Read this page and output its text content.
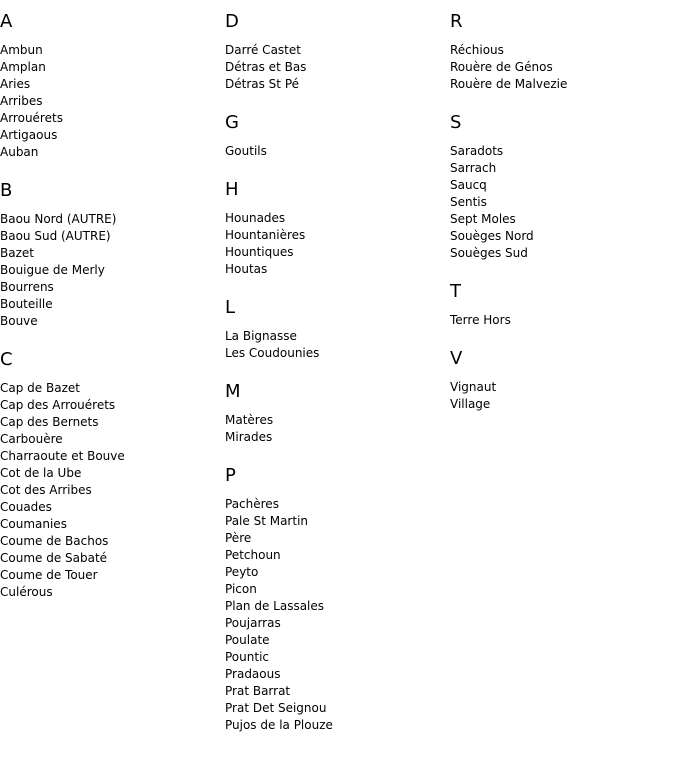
A
Ambun
Amplan
Aries
Arribes
Arrouérets
Artigaous
Auban
B
Baou Nord (AUTRE)
Baou Sud (AUTRE)
Bazet
Bouigue de Merly
Bourrens
Bouteille
Bouve
C
Cap de Bazet
Cap des Arrouérets
Cap des Bernets
Carbouère
Charraoute et Bouve
Cot de la Ube
Cot des Arribes
Couades
Coumanies
Coume de Bachos
Coume de Sabaté
Coume de Touer
Culérous
D
Darré Castet
Détras et Bas
Détras St Pé
G
Goutils
H
Hounades
Hountanières
Hountiques
Houtas
L
La Bignasse
Les Coudounies
M
Matères
Mirades
P
Pachères
Pale St Martin
Père
Petchoun
Peyto
Picon
Plan de Lassales
Poujarras
Poulate
Pountic
Pradaous
Prat Barrat
Prat Det Seignou
Pujos de la Plouze
R
Réchious
Rouère de Génos
Rouère de Malvezie
S
Saradots
Sarrach
Saucq
Sentis
Sept Moles
Souèges Nord
Souèges Sud
T
Terre Hors
V
Vignaut
Village
